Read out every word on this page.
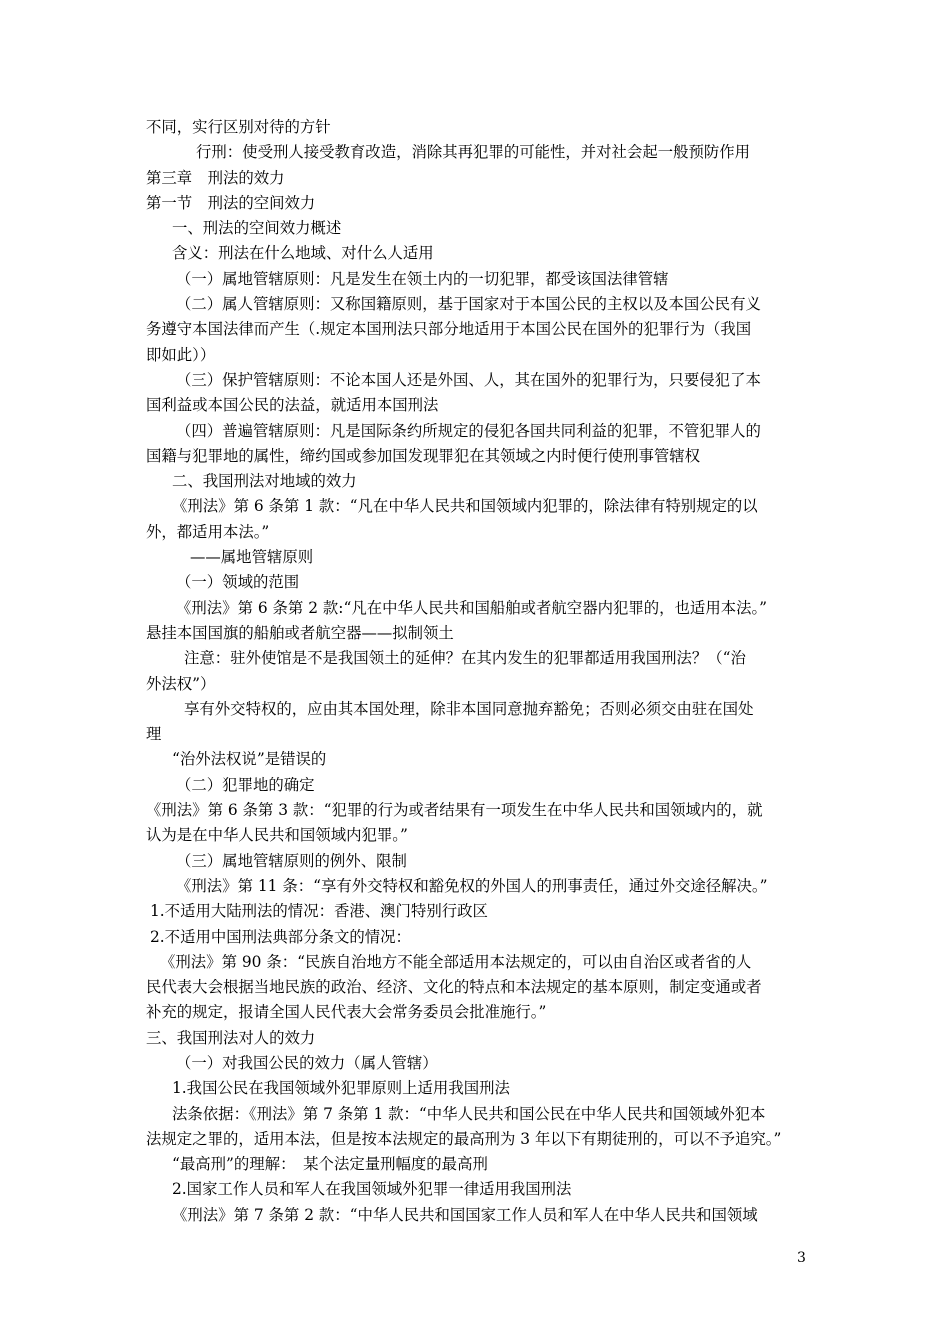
不同，实行区别对待的方针
行刑：使受刑人接受教育改造，消除其再犯罪的可能性，并对社会起一般预防作用
第三章　刑法的效力
第一节　刑法的空间效力
一、刑法的空间效力概述
含义：刑法在什么地域、对什么人适用
（一）属地管辖原则：凡是发生在领土内的一切犯罪，都受该国法律管辖
（二）属人管辖原则：又称国籍原则，基于国家对于本国公民的主权以及本国公民有义
务遵守本国法律而产生（.规定本国刑法只部分地适用于本国公民在国外的犯罪行为（我国
即如此））
（三）保护管辖原则：不论本国人还是外国、人，其在国外的犯罪行为，只要侵犯了本
国利益或本国公民的法益，就适用本国刑法
（四）普遍管辖原则：凡是国际条约所规定的侵犯各国共同利益的犯罪，不管犯罪人的
国籍与犯罪地的属性，缔约国或参加国发现罪犯在其领域之内时便行使刑事管辖权
二、我国刑法对地域的效力
《刑法》第 6 条第 1 款：“凡在中华人民共和国领域内犯罪的，除法律有特别规定的以
外，都适用本法。”
——属地管辖原则
（一）领域的范围
《刑法》第 6 条第 2 款:“凡在中华人民共和国船舶或者航空器内犯罪的，也适用本法。”
悬挂本国国旗的船舶或者航空器——拟制领土
注意：驻外使馆是不是我国领土的延伸？在其内发生的犯罪都适用我国刑法？（“治
外法权”）
享有外交特权的，应由其本国处理，除非本国同意抛弃豁免；否则必须交由驻在国处
理
“治外法权说”是错误的
（二）犯罪地的确定
《刑法》第 6 条第 3 款：“犯罪的行为或者结果有一项发生在中华人民共和国领域内的，就
认为是在中华人民共和国领域内犯罪。”
（三）属地管辖原则的例外、限制
《刑法》第 11 条：“享有外交特权和豁免权的外国人的刑事责任，通过外交途径解决。”
1.不适用大陆刑法的情况：香港、澳门特别行政区
2.不适用中国刑法典部分条文的情况：
《刑法》第 90 条：“民族自治地方不能全部适用本法规定的，可以由自治区或者省的人
民代表大会根据当地民族的政治、经济、文化的特点和本法规定的基本原则，制定变通或者
补充的规定，报请全国人民代表大会常务委员会批准施行。”
三、我国刑法对人的效力
（一）对我国公民的效力（属人管辖）
1.我国公民在我国领域外犯罪原则上适用我国刑法
法条依据：《刑法》第 7 条第 1 款：“中华人民共和国公民在中华人民共和国领域外犯本
法规定之罪的，适用本法，但是按本法规定的最高刑为 3 年以下有期徒刑的，可以不予追究。”
“最高刑”的理解：　某个法定量刑幅度的最高刑
2.国家工作人员和军人在我国领域外犯罪一律适用我国刑法
《刑法》第 7 条第 2 款：“中华人民共和国国家工作人员和军人在中华人民共和国领域
3
